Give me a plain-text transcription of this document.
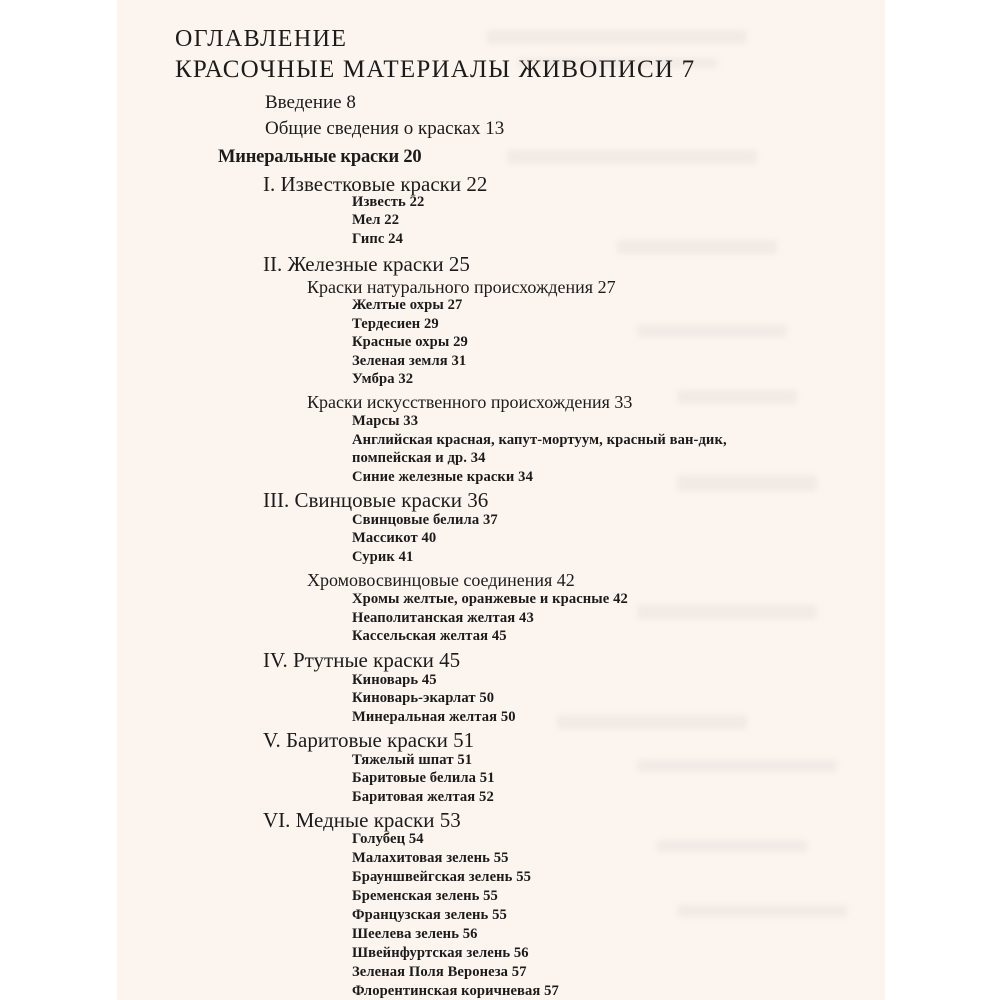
ОГЛАВЛЕНИЕ
КРАСОЧНЫЕ МАТЕРИАЛЫ ЖИВОПИСИ 7
Введение 8
Общие сведения о красках 13
Минеральные краски 20
I. Известковые краски 22
Известь 22
Мел 22
Гипс 24
II. Железные краски 25
Краски натурального происхождения 27
Желтые охры 27
Тердесиен 29
Красные охры 29
Зеленая земля 31
Умбра 32
Краски искусственного происхождения 33
Марсы 33
Английская красная, капут-мортуум, красный ван-дик,
помпейская и др. 34
Синие железные краски 34
III. Свинцовые краски 36
Свинцовые белила 37
Массикот 40
Сурик 41
Хромовосвинцовые соединения 42
Хромы желтые, оранжевые и красные 42
Неаполитанская желтая 43
Кассельская желтая 45
IV. Ртутные краски 45
Киноварь 45
Киноварь-экарлат 50
Минеральная желтая 50
V. Баритовые краски 51
Тяжелый шпат 51
Баритовые белила 51
Баритовая желтая 52
VI. Медные краски 53
Голубец 54
Малахитовая зелень 55
Брауншвейгская зелень 55
Бременская зелень 55
Французская зелень 55
Шеелева зелень 56
Швейнфуртская зелень 56
Зеленая Поля Веронеза 57
Флорентинская коричневая 57
